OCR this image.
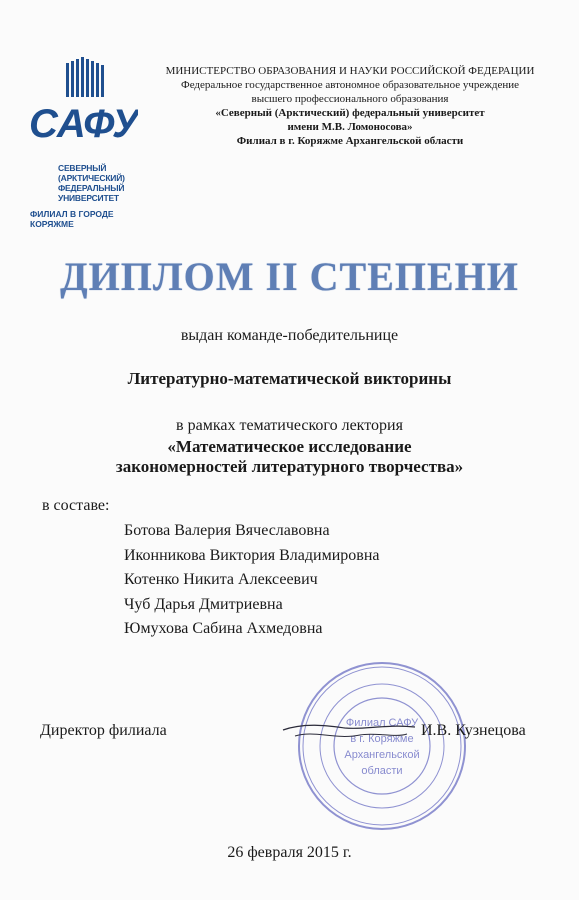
САФУ
СЕВЕРНЫЙ
(АРКТИЧЕСКИЙ)
ФЕДЕРАЛЬНЫЙ
УНИВЕРСИТЕТ
ФИЛИАЛ В ГОРОДЕ КОРЯЖМЕ
МИНИСТЕРСТВО ОБРАЗОВАНИЯ И НАУКИ РОССИЙСКОЙ ФЕДЕРАЦИИ
Федеральное государственное автономное образовательное учреждение
высшего профессионального образования
«Северный (Арктический) федеральный университет
имени М.В. Ломоносова»
Филиал в г. Коряжме Архангельской области
ДИПЛОМ II СТЕПЕНИ
выдан команде-победительнице
Литературно-математической викторины
в рамках тематического лектория
«Математическое исследование
закономерностей литературного творчества»
в составе:
Ботова Валерия Вячеславовна
Иконникова Виктория Владимировна
Котенко Никита Алексеевич
Чуб Дарья Дмитриевна
Юмухова Сабина Ахмедовна
Филиал САФУ
в г. Коряжме
Архангельской
области
Директор филиала	И.В. Кузнецова
26 февраля 2015 г.
